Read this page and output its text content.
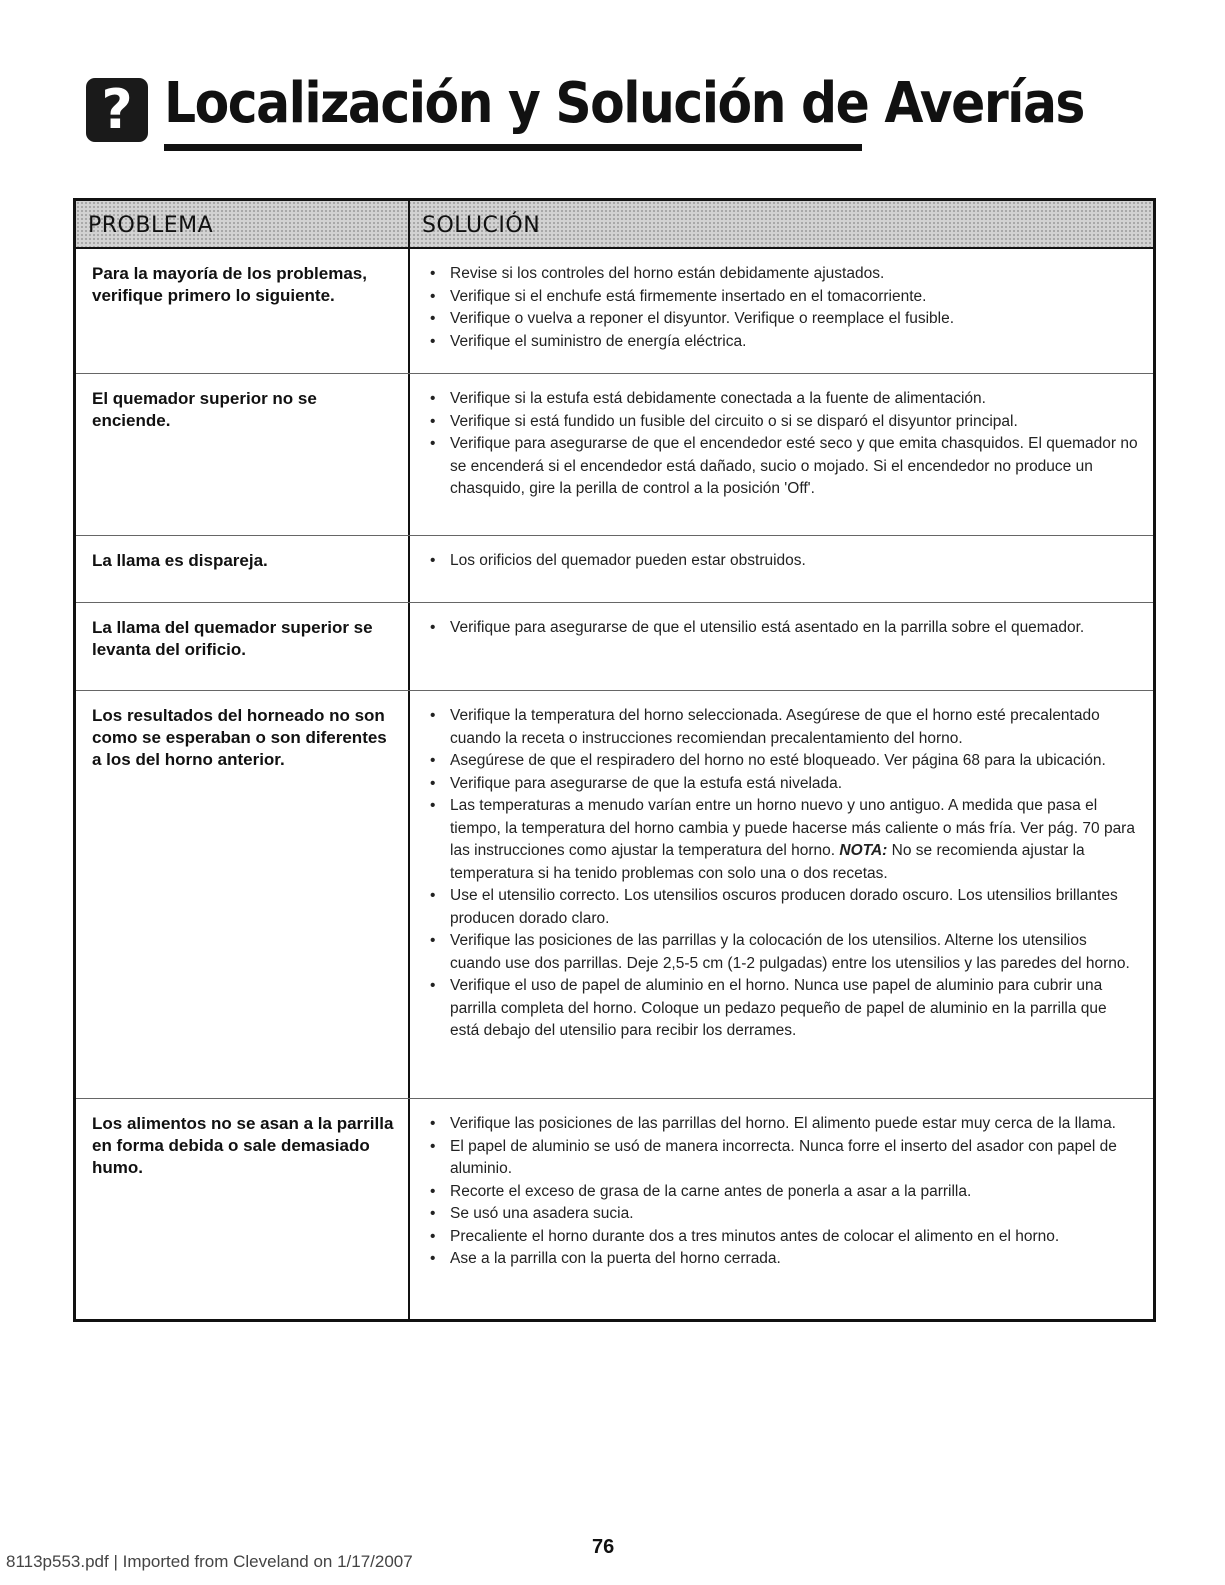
? Localización y Solución de Averías
PROBLEMA	SOLUCIÓN
Para la mayoría de los problemas, verifique primero lo siguiente.
• Revise si los controles del horno están debidamente ajustados.
• Verifique si el enchufe está firmemente insertado en el tomacorriente.
• Verifique o vuelva a reponer el disyuntor. Verifique o reemplace el fusible.
• Verifique el suministro de energía eléctrica.
El quemador superior no se enciende.
• Verifique si la estufa está debidamente conectada a la fuente de alimentación.
• Verifique si está fundido un fusible del circuito o si se disparó el disyuntor principal.
• Verifique para asegurarse de que el encendedor esté seco y que emita chasquidos. El quemador no se encenderá si el encendedor está dañado, sucio o mojado. Si el encendedor no produce un chasquido, gire la perilla de control a la posición 'Off'.
La llama es dispareja.
•	Los orificios del quemador pueden estar obstruidos.
La llama del quemador superior se levanta del orificio.
• Verifique para asegurarse de que el utensilio está asentado en la parrilla sobre el quemador.
Los resultados del horneado no son como se esperaban o son diferentes a los del horno anterior.
• Verifique la temperatura del horno seleccionada. Asegúrese de que el horno esté precalentado cuando la receta o instrucciones recomiendan precalentamiento del horno.
• Asegúrese de que el respiradero del horno no esté bloqueado. Ver página 68 para la ubicación.
• Verifique para asegurarse de que la estufa está nivelada.
• Las temperaturas a menudo varían entre un horno nuevo y uno antiguo. A medida que pasa el tiempo, la temperatura del horno cambia y puede hacerse más caliente o más fría. Ver pág. 70 para las instrucciones como ajustar la temperatura del horno. NOTA: No se recomienda ajustar la temperatura si ha tenido problemas con solo una o dos recetas.
• Use el utensilio correcto. Los utensilios oscuros producen dorado oscuro. Los utensilios brillantes producen dorado claro.
• Verifique las posiciones de las parrillas y la colocación de los utensilios. Alterne los utensilios cuando use dos parrillas. Deje 2,5-5 cm (1-2 pulgadas) entre los utensilios y las paredes del horno.
• Verifique el uso de papel de aluminio en el horno. Nunca use papel de aluminio para cubrir una parrilla completa del horno. Coloque un pedazo pequeño de papel de aluminio en la parrilla que está debajo del utensilio para recibir los derrames.
Los alimentos no se asan a la parrilla en forma debida o sale demasiado humo.
• Verifique las posiciones de las parrillas del horno. El alimento puede estar muy cerca de la llama.
• El papel de aluminio se usó de manera incorrecta. Nunca forre el inserto del asador con papel de aluminio.
• Recorte el exceso de grasa de la carne antes de ponerla a asar a la parrilla.
• Se usó una asadera sucia.
• Precaliente el horno durante dos a tres minutos antes de colocar el alimento en el horno.
• Ase a la parrilla con la puerta del horno cerrada.
8113p553.pdf | Imported from Cleveland on 1/17/2007
76
